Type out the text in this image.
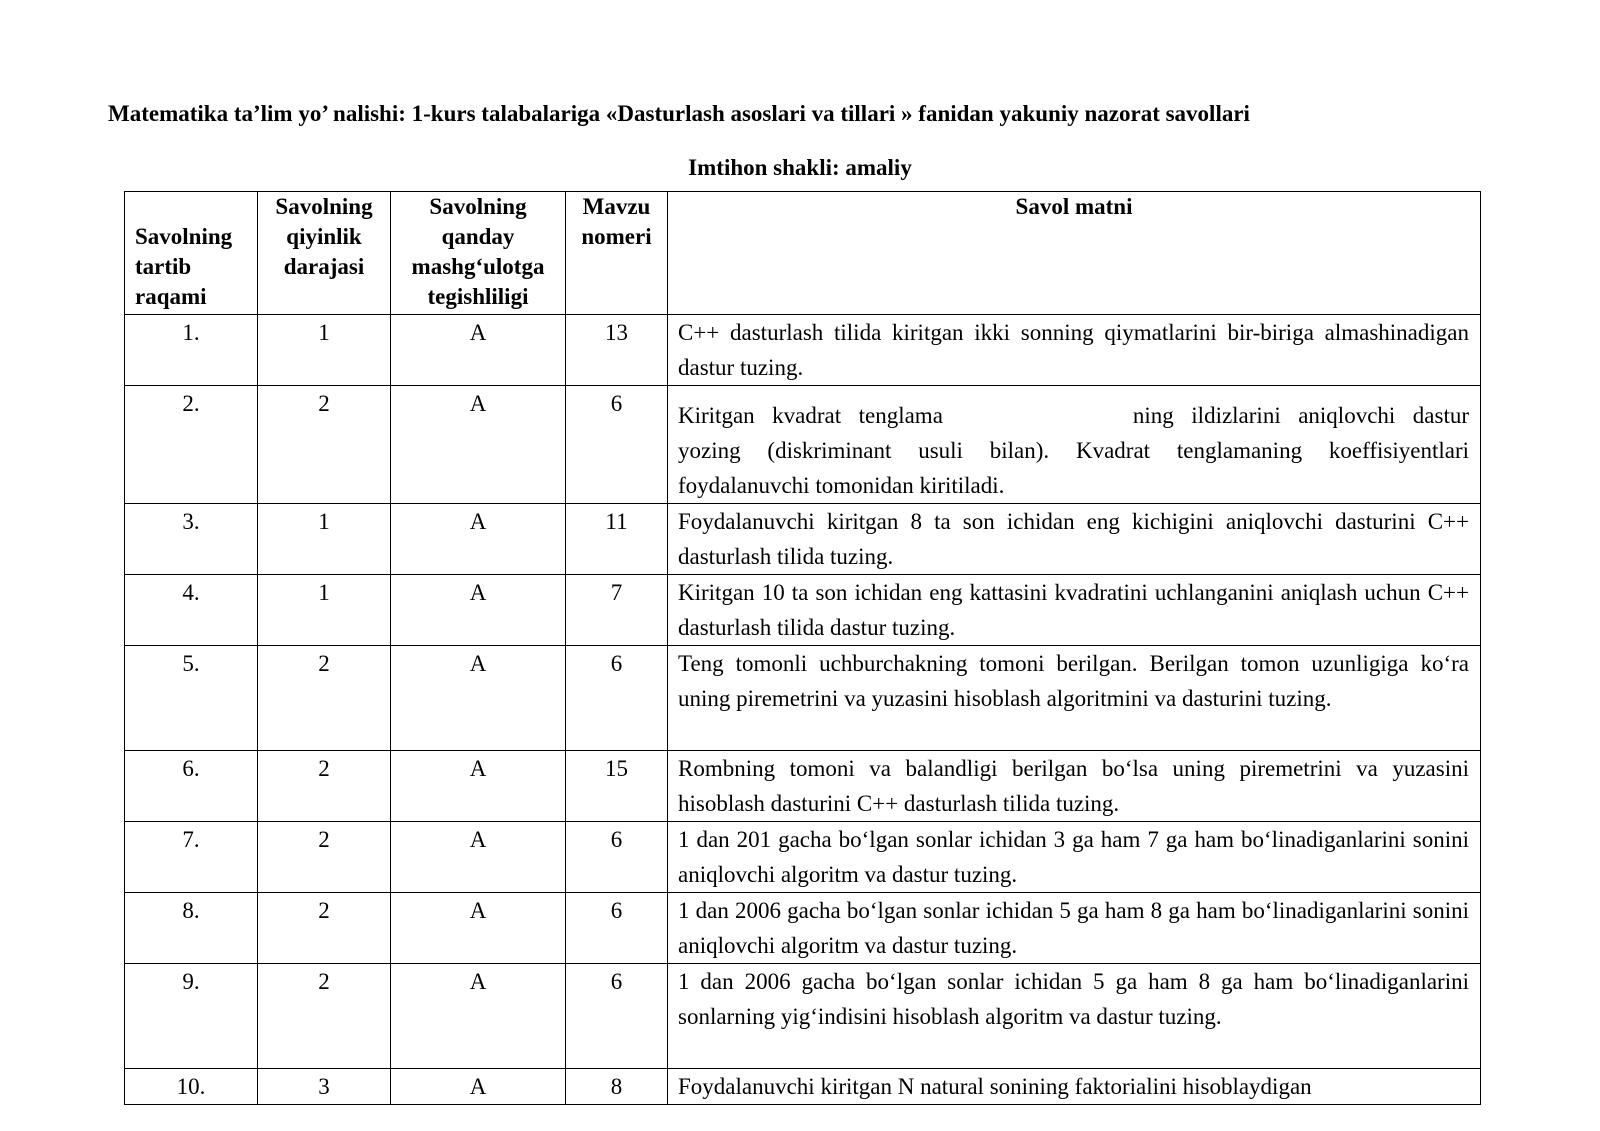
Matematika ta’lim yo’ nalishi: 1-kurs talabalariga «Dasturlash asoslari va tillari » fanidan yakuniy nazorat savollari
Imtihon shakli: amaliy
Savolning tartib raqami	Savolning qiyinlik darajasi	Savolning qanday mashg‘ulotga tegishliligi	Mavzu nomeri	Savol matni
1.	1	A	13	C++ dasturlash tilida kiritgan ikki sonning qiymatlarini bir-biriga almashinadigan dastur tuzing.
2.	2	A	6	Kiritgan kvadrat tenglama ning ildizlarini aniqlovchi dastur yozing (diskriminant usuli bilan). Kvadrat tenglamaning koeffisiyentlari foydalanuvchi tomonidan kiritiladi.
3.	1	A	11	Foydalanuvchi kiritgan 8 ta son ichidan eng kichigini aniqlovchi dasturini C++ dasturlash tilida tuzing.
4.	1	A	7	Kiritgan 10 ta son ichidan eng kattasini kvadratini uchlanganini aniqlash uchun C++ dasturlash tilida dastur tuzing.
5.	2	A	6	Teng tomonli uchburchakning tomoni berilgan. Berilgan tomon uzunligiga ko‘ra uning piremetrini va yuzasini hisoblash algoritmini va dasturini tuzing.
6.	2	A	15	Rombning tomoni va balandligi berilgan bo‘lsa uning piremetrini va yuzasini hisoblash dasturini C++ dasturlash tilida tuzing.
7.	2	A	6	1 dan 201 gacha bo‘lgan sonlar ichidan 3 ga ham 7 ga ham bo‘linadiganlarini sonini aniqlovchi algoritm va dastur tuzing.
8.	2	A	6	1 dan 2006 gacha bo‘lgan sonlar ichidan 5 ga ham 8 ga ham bo‘linadiganlarini sonini aniqlovchi algoritm va dastur tuzing.
9.	2	A	6	1 dan 2006 gacha bo‘lgan sonlar ichidan 5 ga ham 8 ga ham bo‘linadiganlarini sonlarning yig‘indisini hisoblash algoritm va dastur tuzing.
10.	3	A	8	Foydalanuvchi kiritgan N natural sonining faktorialini hisoblaydigan
